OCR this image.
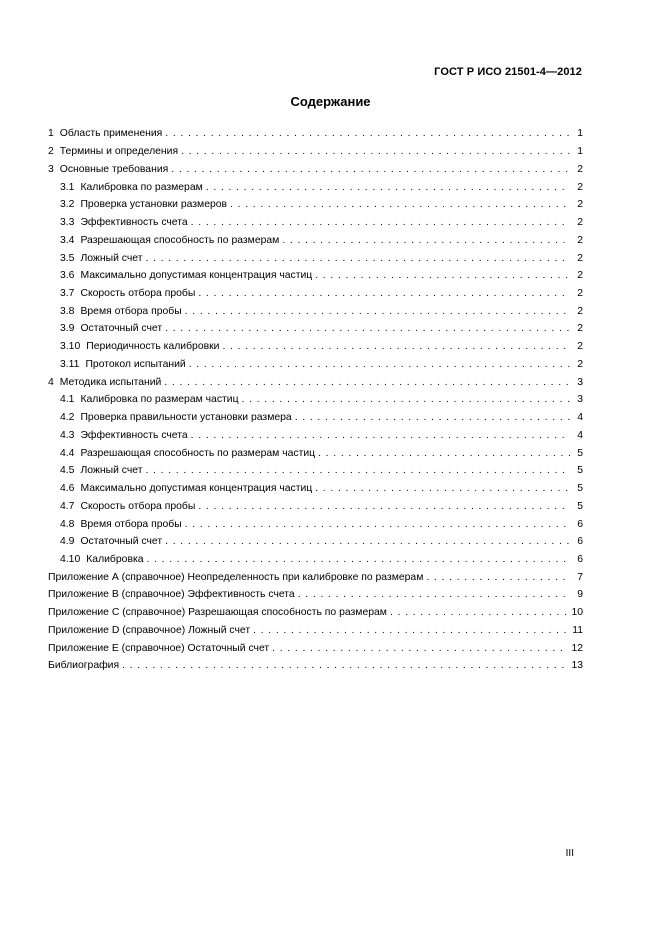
ГОСТ Р ИСО 21501-4—2012
Содержание
1 Область применения . . .	1
2 Термины и определения . . .	1
3 Основные требования . . .	2
3.1 Калибровка по размерам . . .	2
3.2 Проверка установки размеров . . .	2
3.3 Эффективность счета . . .	2
3.4 Разрешающая способность по размерам . . .	2
3.5 Ложный счет . . .	2
3.6 Максимально допустимая концентрация частиц . . .	2
3.7 Скорость отбора пробы . . .	2
3.8 Время отбора пробы . . .	2
3.9 Остаточный счет . . .	2
3.10 Периодичность калибровки . . .	2
3.11 Протокол испытаний . . .	2
4 Методика испытаний . . .	3
4.1 Калибровка по размерам частиц . . .	3
4.2 Проверка правильности установки размера . . .	4
4.3 Эффективность счета . . .	4
4.4 Разрешающая способность по размерам частиц . . .	5
4.5 Ложный счет . . .	5
4.6 Максимально допустимая концентрация частиц . . .	5
4.7 Скорость отбора пробы . . .	5
4.8 Время отбора пробы . . .	6
4.9 Остаточный счет . . .	6
4.10 Калибровка . . .	6
Приложение А (справочное) Неопределенность при калибровке по размерам . . .	7
Приложение В (справочное) Эффективность счета . . .	9
Приложение С (справочное) Разрешающая способность по размерам . . .	10
Приложение D (справочное) Ложный счет . . .	11
Приложение Е (справочное) Остаточный счет . . .	12
Библиография . . .	13
III
